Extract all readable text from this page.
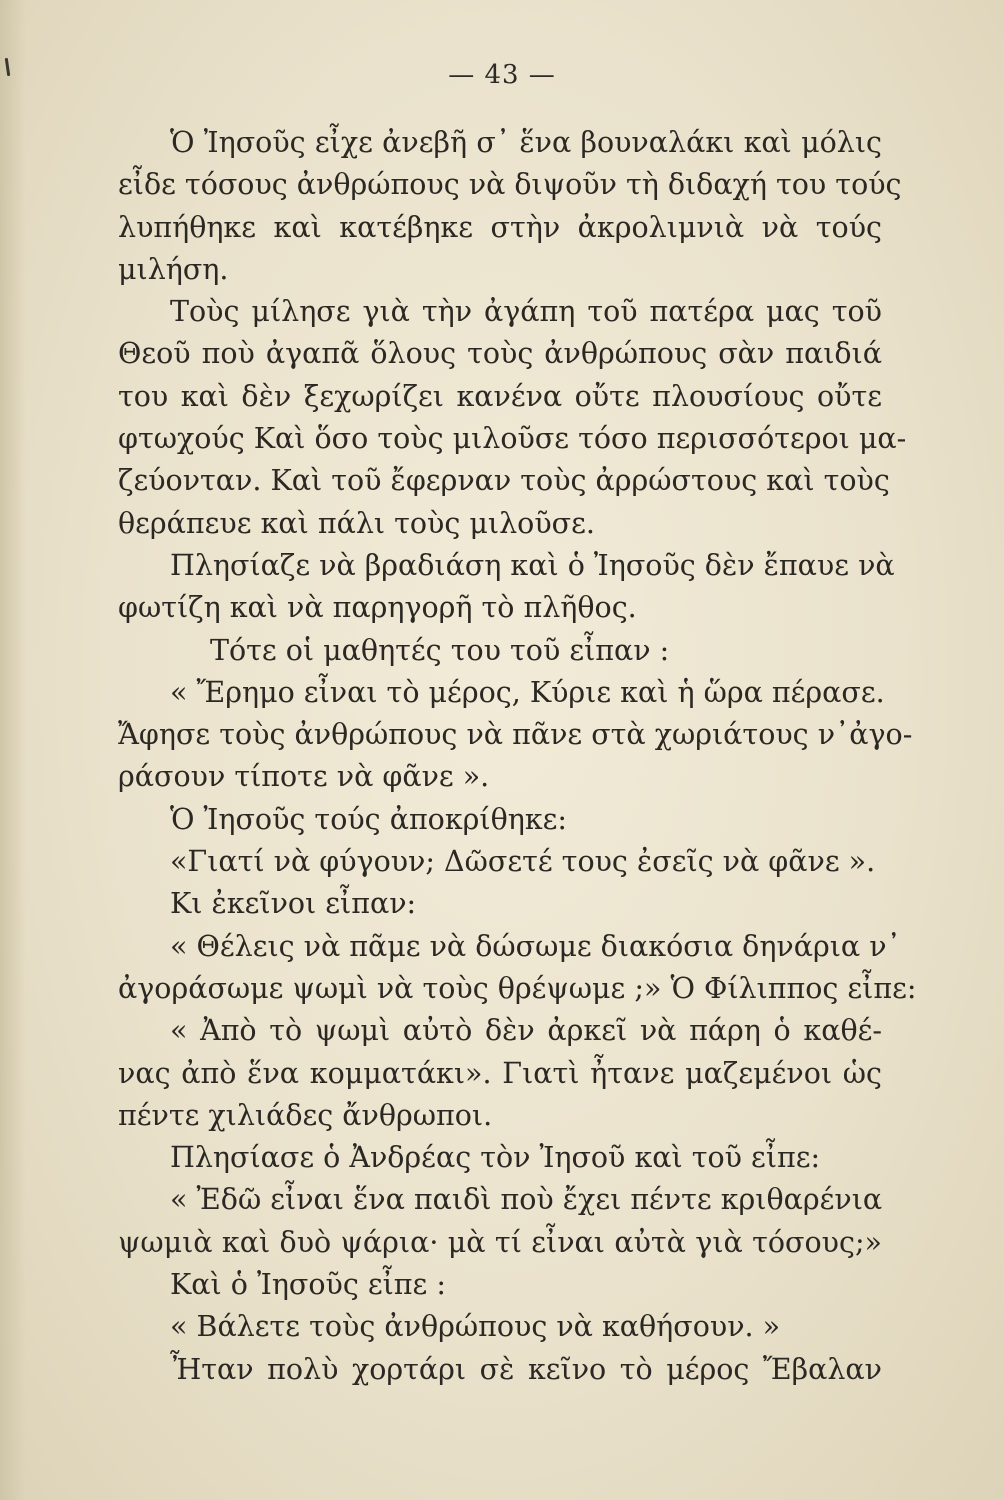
— 43 —

Ὁ Ἰησοῦς εἶχε ἀνεβῆ σ᾿ ἕνα βουναλάκι καὶ μόλις
εἶδε τόσους ἀνθρώπους νὰ διψοῦν τὴ διδαχή του τούς
λυπήθηκε καὶ κατέβηκε στὴν ἀκρολιμνιὰ νὰ τούς
μιλήση.
Τοὺς μίλησε γιὰ τὴν ἀγάπη τοῦ πατέρα μας τοῦ
Θεοῦ ποὺ ἀγαπᾶ ὅλους τοὺς ἀνθρώπους σὰν παιδιά
του καὶ δὲν ξεχωρίζει κανένα οὔτε πλουσίους οὔτε
φτωχούς Καὶ ὅσο τοὺς μιλοῦσε τόσο περισσότεροι μα-
ζεύονταν. Καὶ τοῦ ἔφερναν τοὺς ἀρρώστους καὶ τοὺς
θεράπευε καὶ πάλι τοὺς μιλοῦσε.
Πλησίαζε νὰ βραδιάση καὶ ὁ Ἰησοῦς δὲν ἔπαυε νὰ
φωτίζη καὶ νὰ παρηγορῆ τὸ πλῆθος.
Τότε οἱ μαθητές του τοῦ εἶπαν :
« Ἔρημο εἶναι τὸ μέρος, Κύριε καὶ ἡ ὥρα πέρασε.
Ἄφησε τοὺς ἀνθρώπους νὰ πᾶνε στὰ χωριάτους ν᾿ἀγο-
ράσουν τίποτε νὰ φᾶνε ».
Ὁ Ἰησοῦς τούς ἀποκρίθηκε:
«Γιατί νὰ φύγουν; Δῶσετέ τους ἐσεῖς νὰ φᾶνε ».
Κι ἐκεῖνοι εἶπαν:
« Θέλεις νὰ πᾶμε νὰ δώσωμε διακόσια δηνάρια ν᾿
ἀγοράσωμε ψωμὶ νὰ τοὺς θρέψωμε ;» Ὁ Φίλιππος εἶπε:
« Ἀπὸ τὸ ψωμὶ αὐτὸ δὲν ἀρκεῖ νὰ πάρη ὁ καθέ-
νας ἀπὸ ἕνα κομματάκι». Γιατὶ ἦτανε μαζεμένοι ὡς
πέντε χιλιάδες ἄνθρωποι.
Πλησίασε ὁ Ἀνδρέας τὸν Ἰησοῦ καὶ τοῦ εἶπε:
« Ἐδῶ εἶναι ἕνα παιδὶ ποὺ ἔχει πέντε κριθαρένια
ψωμιὰ καὶ δυὸ ψάρια· μὰ τί εἶναι αὐτὰ γιὰ τόσους;»
Καὶ ὁ Ἰησοῦς εἶπε :
« Βάλετε τοὺς ἀνθρώπους νὰ καθήσουν. »
Ἦταν πολὺ χορτάρι σὲ κεῖνο τὸ μέρος Ἔβαλαν
